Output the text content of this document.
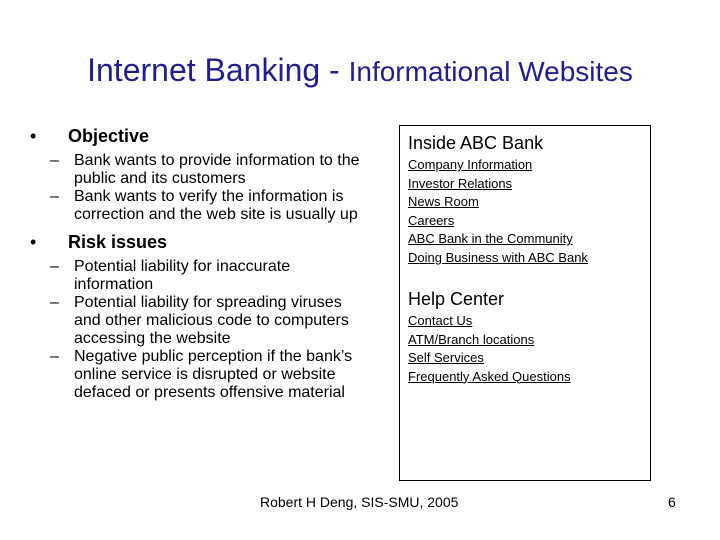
Internet Banking - Informational Websites
• Objective
– Bank wants to provide information to the public and its customers
– Bank wants to verify the information is correction and the web site is usually up
• Risk issues
– Potential liability for inaccurate information
– Potential liability for spreading viruses and other malicious code to computers accessing the website
– Negative public perception if the bank’s online service is disrupted or website defaced or presents offensive material
Inside ABC Bank
Company Information
Investor Relations
News Room
Careers
ABC Bank in the Community
Doing Business with ABC Bank
Help Center
Contact Us
ATM/Branch locations
Self Services
Frequently Asked Questions
Robert H Deng, SIS-SMU, 2005	6
